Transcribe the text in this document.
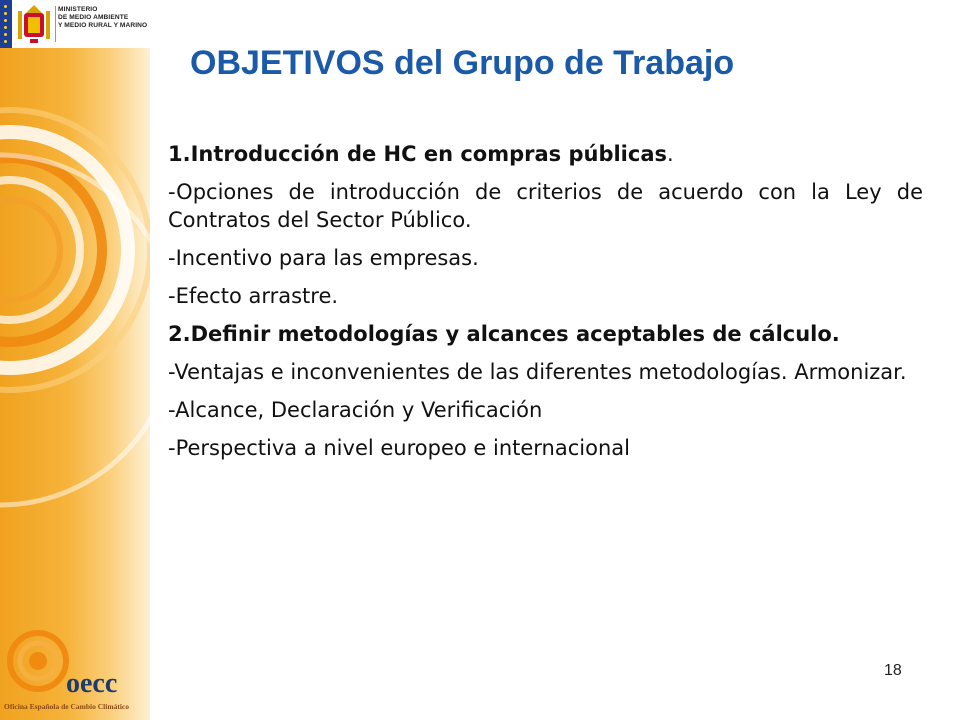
MINISTERIO
DE MEDIO AMBIENTE
Y MEDIO RURAL Y MARINO
OBJETIVOS del Grupo de Trabajo

1.Introducción de HC en compras públicas.

-Opciones de introducción de criterios de acuerdo con la Ley de Contratos del Sector Público.

-Incentivo para las empresas.

-Efecto arrastre.

2.Definir metodologías y alcances aceptables de cálculo.

-Ventajas e inconvenientes de las diferentes metodologías. Armonizar.

-Alcance, Declaración y Verificación

-Perspectiva a nivel europeo e internacional

18
oecc
Oficina Española de Cambio Climático
